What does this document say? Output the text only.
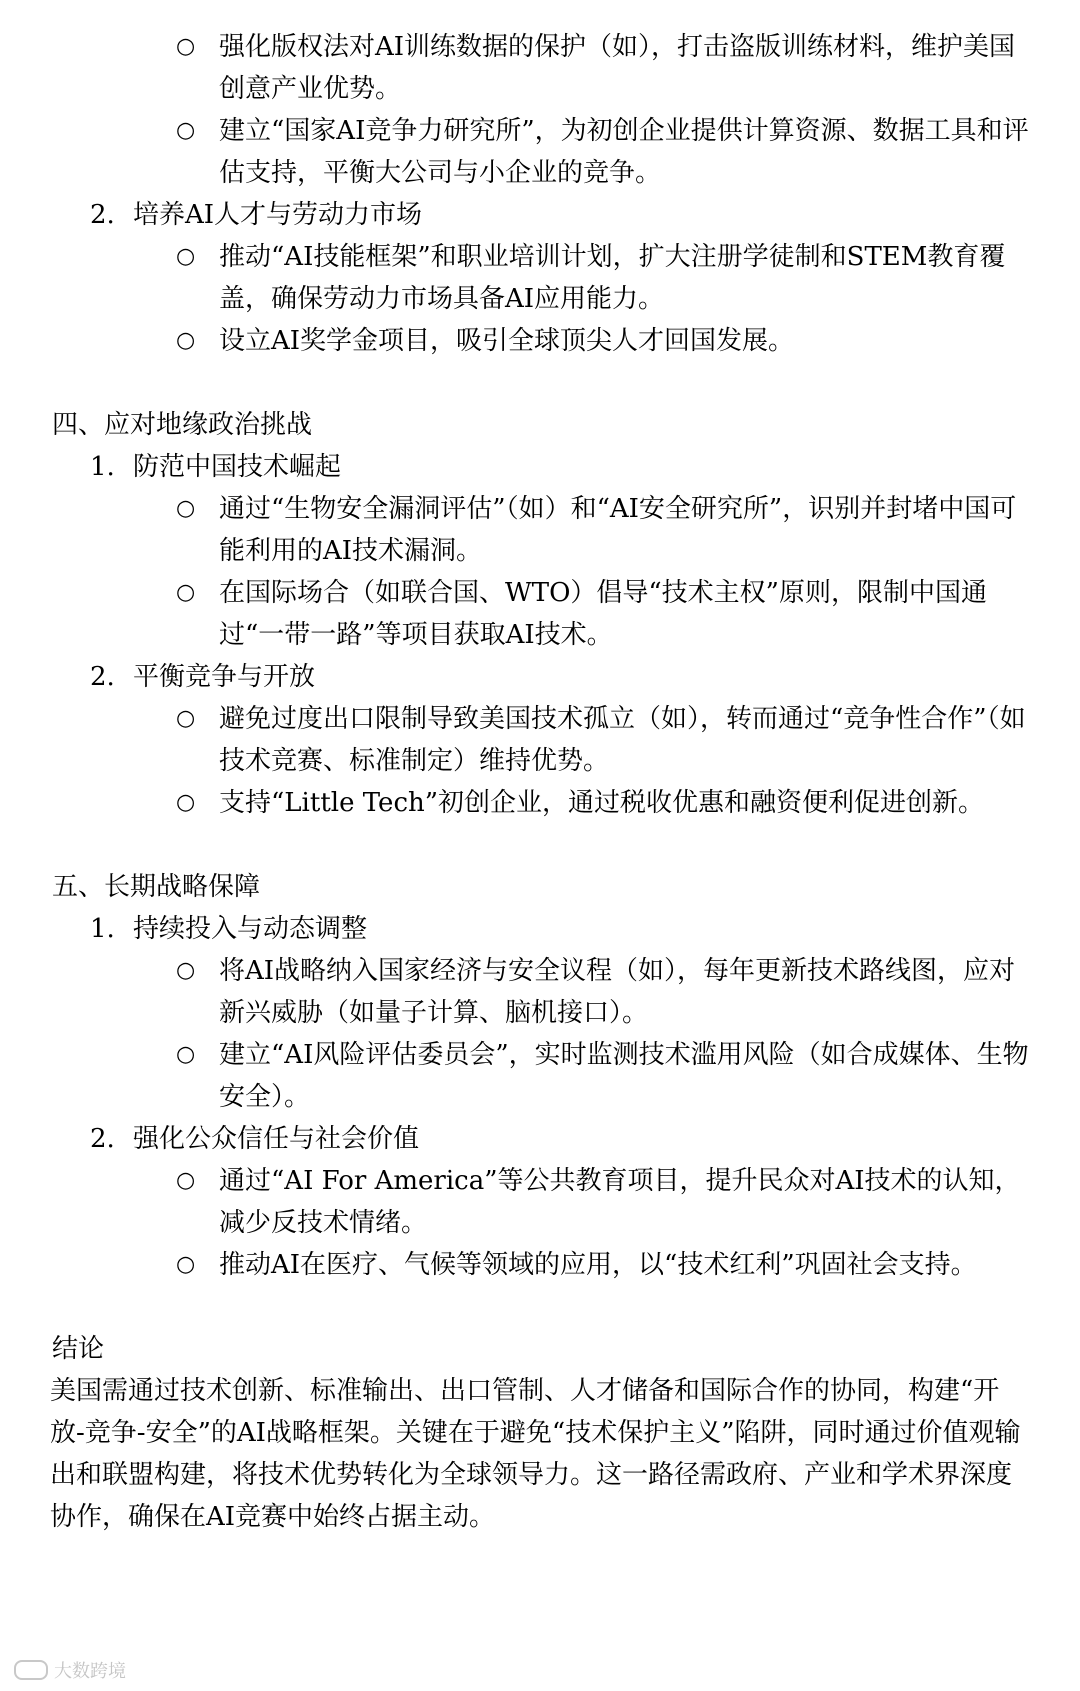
○ 强化版权法对AI训练数据的保护（如），打击盗版训练材料，维护美国创意产业优势。
○ 建立“国家AI竞争力研究所”，为初创企业提供计算资源、数据工具和评估支持，平衡大公司与小企业的竞争。
2. 培养AI人才与劳动力市场
○ 推动“AI技能框架”和职业培训计划，扩大注册学徒制和STEM教育覆盖，确保劳动力市场具备AI应用能力。
○ 设立AI奖学金项目，吸引全球顶尖人才回国发展。
四、应对地缘政治挑战
1. 防范中国技术崛起
○ 通过“生物安全漏洞评估”（如）和“AI安全研究所”，识别并封堵中国可能利用的AI技术漏洞。
○ 在国际场合（如联合国、WTO）倡导“技术主权”原则，限制中国通过“一带一路”等项目获取AI技术。
2. 平衡竞争与开放
○ 避免过度出口限制导致美国技术孤立（如），转而通过“竞争性合作”（如技术竞赛、标准制定）维持优势。
○ 支持“Little Tech”初创企业，通过税收优惠和融资便利促进创新。
五、长期战略保障
1. 持续投入与动态调整
○ 将AI战略纳入国家经济与安全议程（如），每年更新技术路线图，应对新兴威胁（如量子计算、脑机接口）。
○ 建立“AI风险评估委员会”，实时监测技术滥用风险（如合成媒体、生物安全）。
2. 强化公众信任与社会价值
○ 通过“AI For America”等公共教育项目，提升民众对AI技术的认知，减少反技术情绪。
○ 推动AI在医疗、气候等领域的应用，以“技术红利”巩固社会支持。
结论
美国需通过技术创新、标准输出、出口管制、人才储备和国际合作的协同，构建“开放-竞争-安全”的AI战略框架。关键在于避免“技术保护主义”陷阱，同时通过价值观输出和联盟构建，将技术优势转化为全球领导力。这一路径需政府、产业和学术界深度协作，确保在AI竞赛中始终占据主动。
大数跨境
